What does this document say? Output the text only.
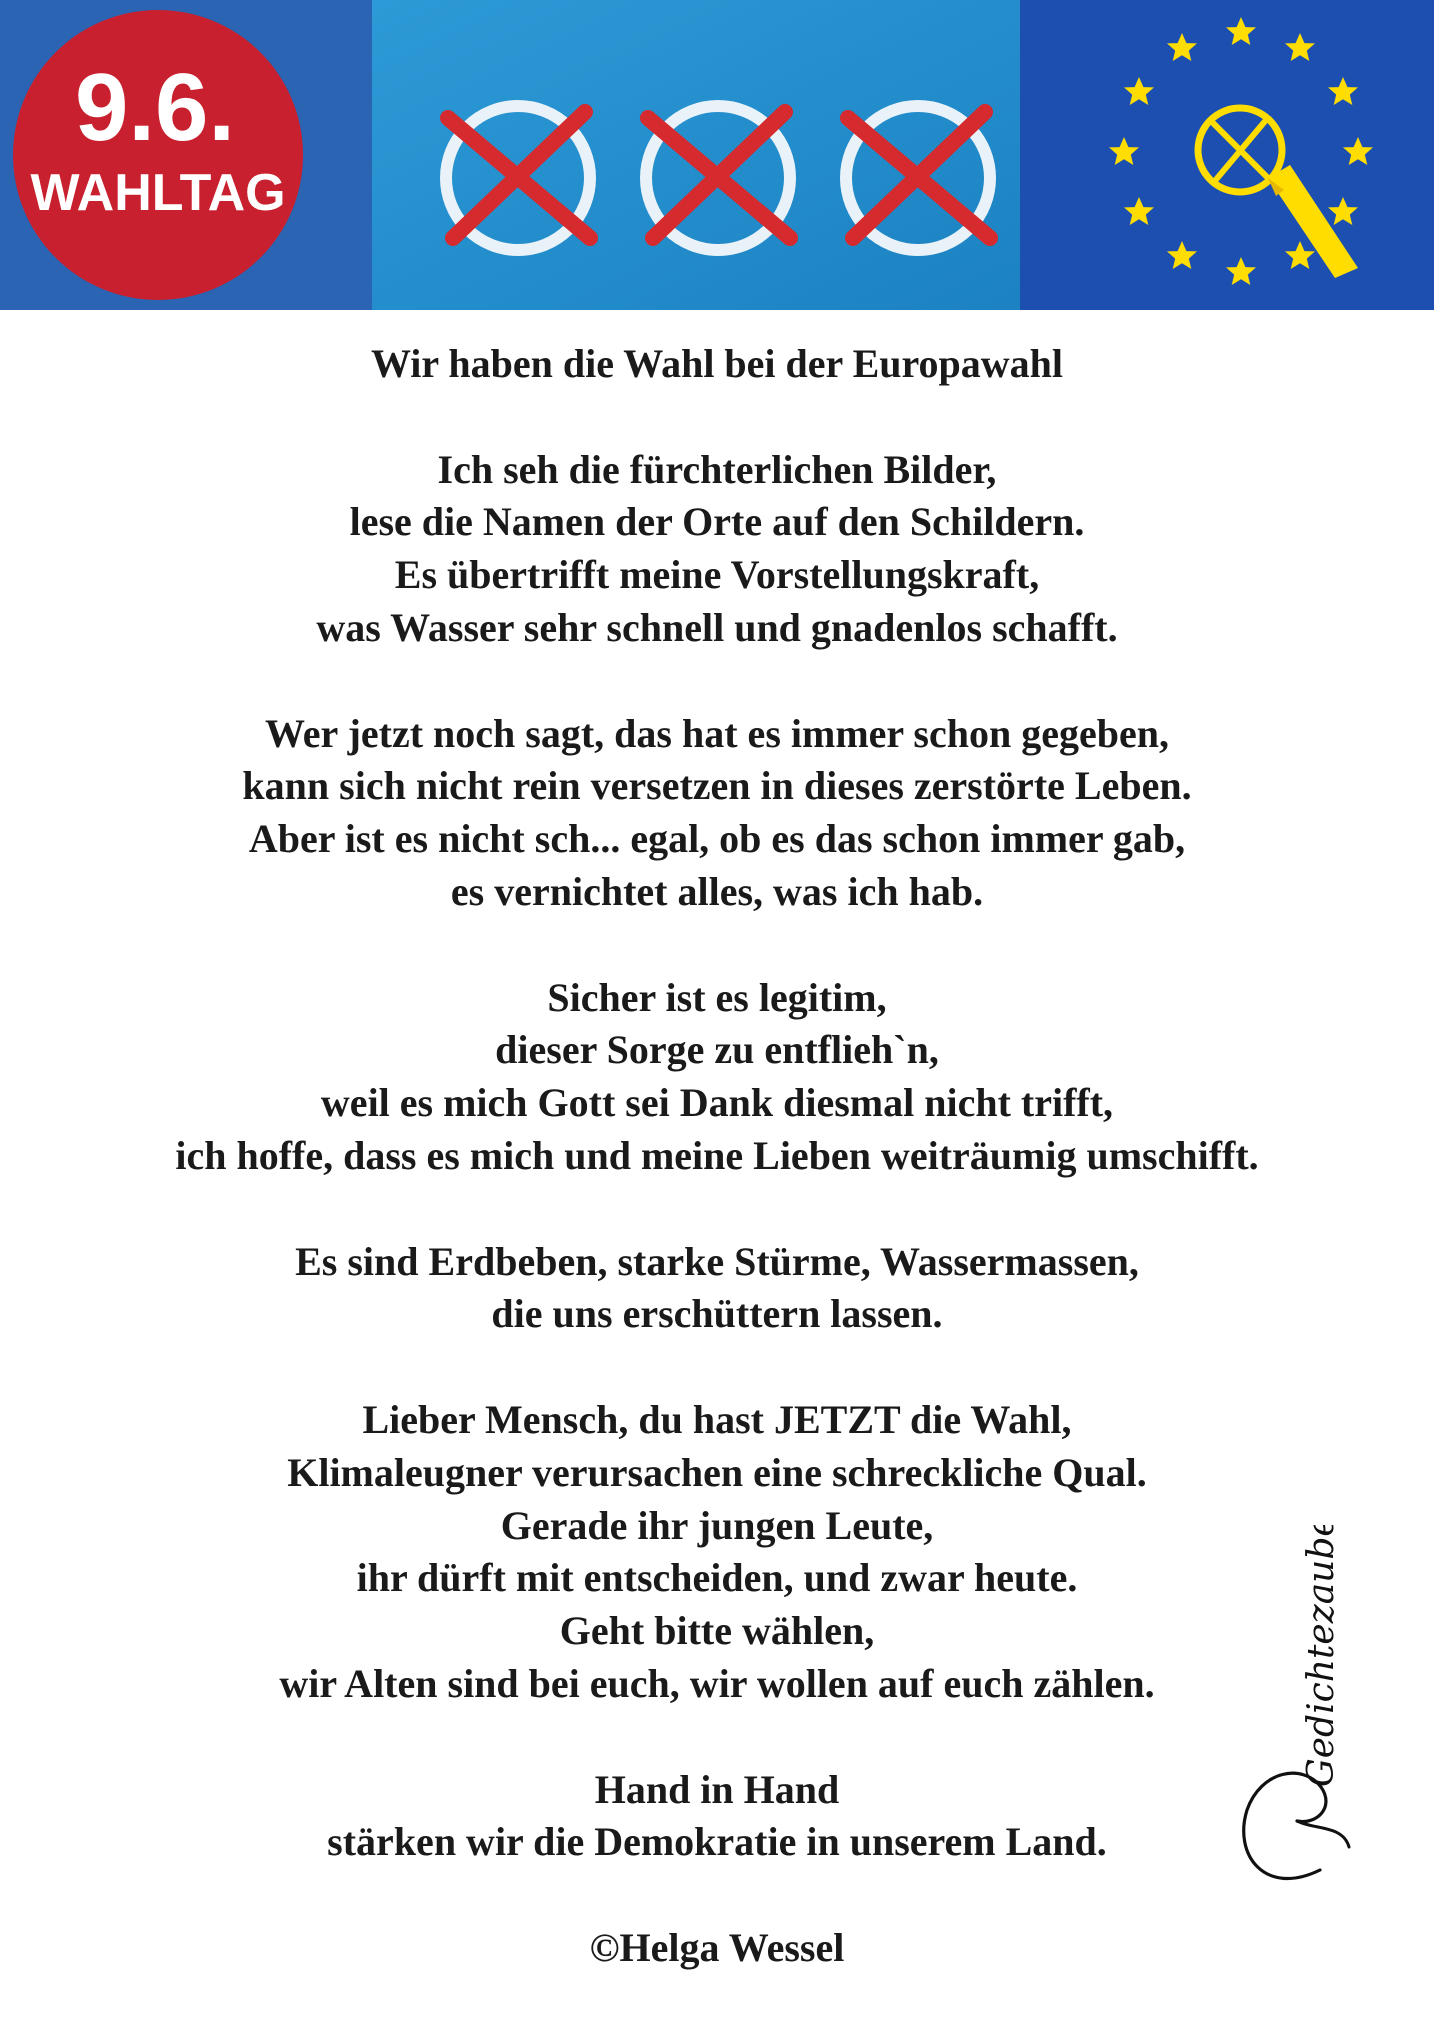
9.6.
WAHLTAG
Wir haben die Wahl bei der Europawahl
Ich seh die fürchterlichen Bilder,
lese die Namen der Orte auf den Schildern.
Es übertrifft meine Vorstellungskraft,
was Wasser sehr schnell und gnadenlos schafft.
Wer jetzt noch sagt, das hat es immer schon gegeben,
kann sich nicht rein versetzen in dieses zerstörte Leben.
Aber ist es nicht sch... egal, ob es das schon immer gab,
es vernichtet alles, was ich hab.
Sicher ist es legitim,
dieser Sorge zu entflieh`n,
weil es mich Gott sei Dank diesmal nicht trifft,
ich hoffe, dass es mich und meine Lieben weiträumig umschifft.
Es sind Erdbeben, starke Stürme, Wassermassen,
die uns erschüttern lassen.
Lieber Mensch, du hast JETZT die Wahl,
Klimaleugner verursachen eine schreckliche Qual.
Gerade ihr jungen Leute,
ihr dürft mit entscheiden, und zwar heute.
Geht bitte wählen,
wir Alten sind bei euch, wir wollen auf euch zählen.
Hand in Hand
stärken wir die Demokratie in unserem Land.
©Helga Wessel
Gedichtezauber
